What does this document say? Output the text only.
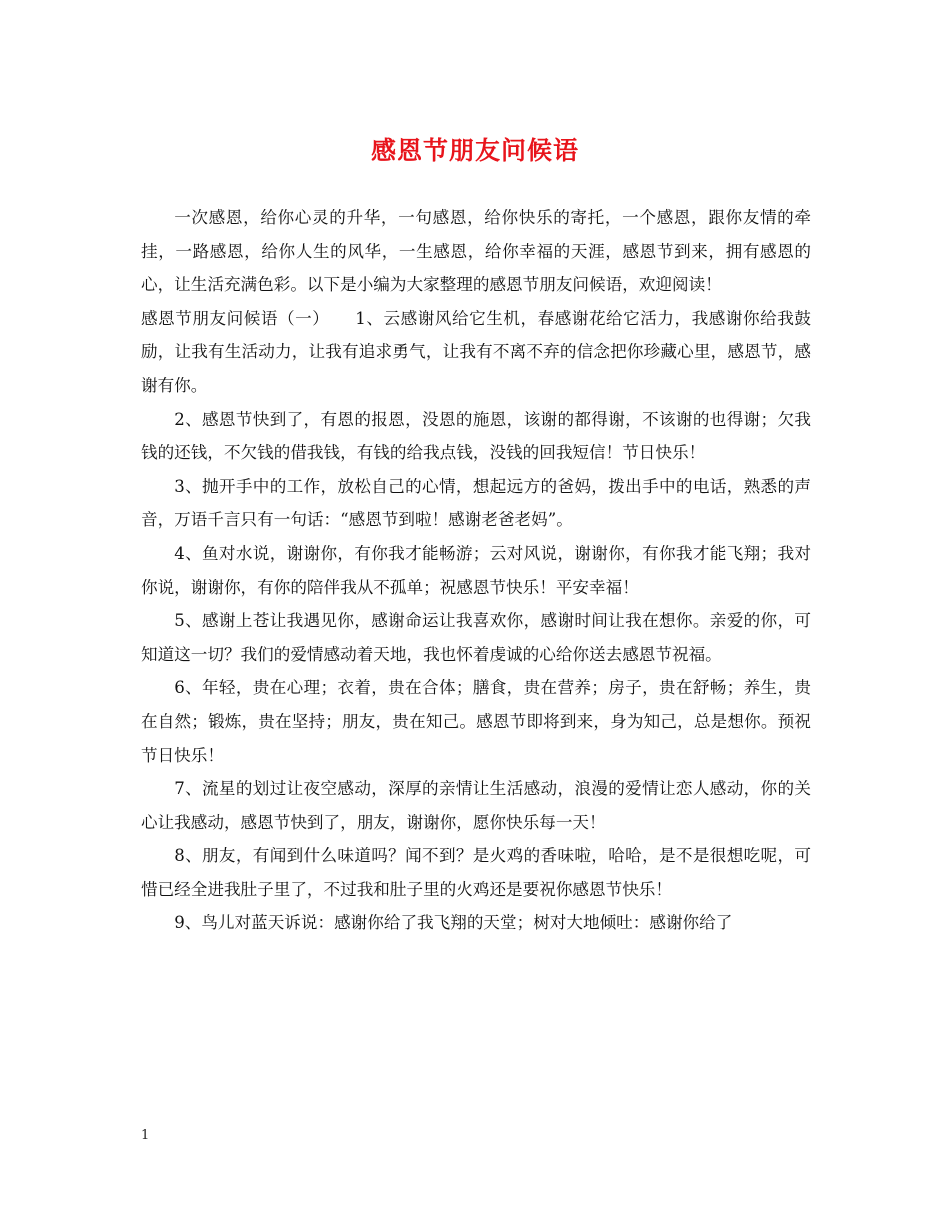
感恩节朋友问候语

一次感恩，给你心灵的升华，一句感恩，给你快乐的寄托，一个感恩，跟你友情的牵挂，一路感恩，给你人生的风华，一生感恩，给你幸福的天涯，感恩节到来，拥有感恩的心，让生活充满色彩。以下是小编为大家整理的感恩节朋友问候语，欢迎阅读！

感恩节朋友问候语（一）　　1、云感谢风给它生机，春感谢花给它活力，我感谢你给我鼓励，让我有生活动力，让我有追求勇气，让我有不离不弃的信念把你珍藏心里，感恩节，感谢有你。

2、感恩节快到了，有恩的报恩，没恩的施恩，该谢的都得谢，不该谢的也得谢；欠我钱的还钱，不欠钱的借我钱，有钱的给我点钱，没钱的回我短信！节日快乐！

3、抛开手中的工作，放松自己的心情，想起远方的爸妈，拨出手中的电话，熟悉的声音，万语千言只有一句话：“感恩节到啦！感谢老爸老妈”。

4、鱼对水说，谢谢你，有你我才能畅游；云对风说，谢谢你，有你我才能飞翔；我对你说，谢谢你，有你的陪伴我从不孤单；祝感恩节快乐！平安幸福！

5、感谢上苍让我遇见你，感谢命运让我喜欢你，感谢时间让我在想你。亲爱的你，可知道这一切？我们的爱情感动着天地，我也怀着虔诚的心给你送去感恩节祝福。

6、年轻，贵在心理；衣着，贵在合体；膳食，贵在营养；房子，贵在舒畅；养生，贵在自然；锻炼，贵在坚持；朋友，贵在知己。感恩节即将到来，身为知己，总是想你。预祝节日快乐！

7、流星的划过让夜空感动，深厚的亲情让生活感动，浪漫的爱情让恋人感动，你的关心让我感动，感恩节快到了，朋友，谢谢你，愿你快乐每一天！

8、朋友，有闻到什么味道吗？闻不到？是火鸡的香味啦，哈哈，是不是很想吃呢，可惜已经全进我肚子里了，不过我和肚子里的火鸡还是要祝你感恩节快乐！

9、鸟儿对蓝天诉说：感谢你给了我飞翔的天堂；树对大地倾吐：感谢你给了

1
